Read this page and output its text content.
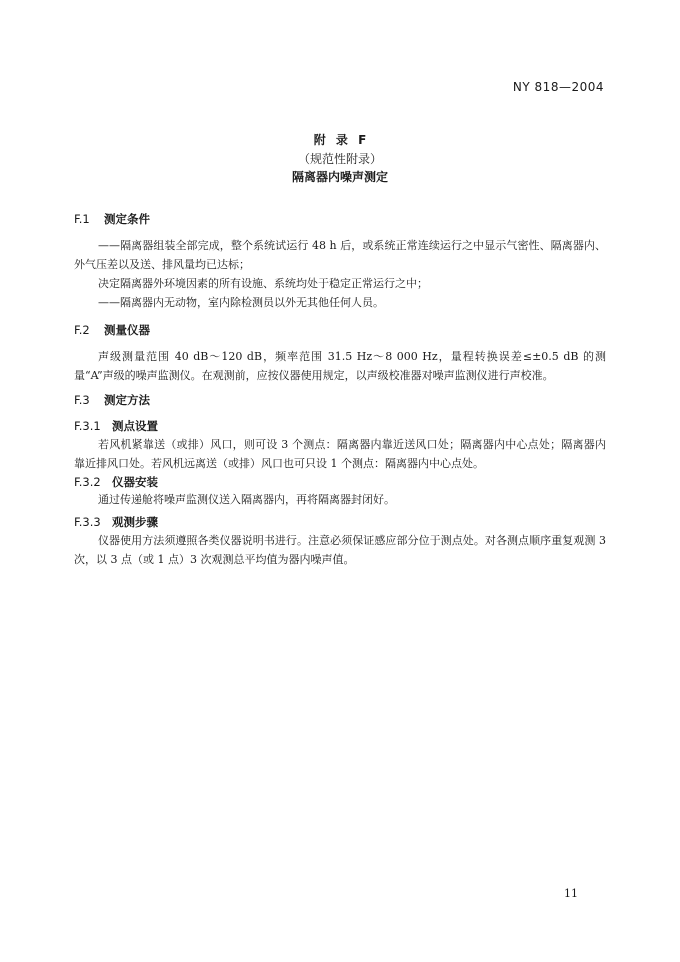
NY 818—2004
附 录 F
（规范性附录）
隔离器内噪声测定
F.1 测定条件
——隔离器组装全部完成，整个系统试运行 48 h 后，或系统正常连续运行之中显示气密性、隔离器内、外气压差以及送、排风量均已达标；
决定隔离器外环境因素的所有设施、系统均处于稳定正常运行之中；
——隔离器内无动物，室内除检测员以外无其他任何人员。
F.2 测量仪器
声级测量范围 40 dB～120 dB，频率范围 31.5 Hz～8 000 Hz，量程转换误差≤±0.5 dB 的测量“A”声级的噪声监测仪。在观测前，应按仪器使用规定，以声级校准器对噪声监测仪进行声校准。
F.3 测定方法
F.3.1 测点设置
若风机紧靠送（或排）风口，则可设 3 个测点：隔离器内靠近送风口处；隔离器内中心点处；隔离器内靠近排风口处。若风机远离送（或排）风口也可只设 1 个测点：隔离器内中心点处。
F.3.2 仪器安装
通过传递舱将噪声监测仪送入隔离器内，再将隔离器封闭好。
F.3.3 观测步骤
仪器使用方法须遵照各类仪器说明书进行。注意必须保证感应部分位于测点处。对各测点顺序重复观测 3 次，以 3 点（或 1 点）3 次观测总平均值为器内噪声值。
11
